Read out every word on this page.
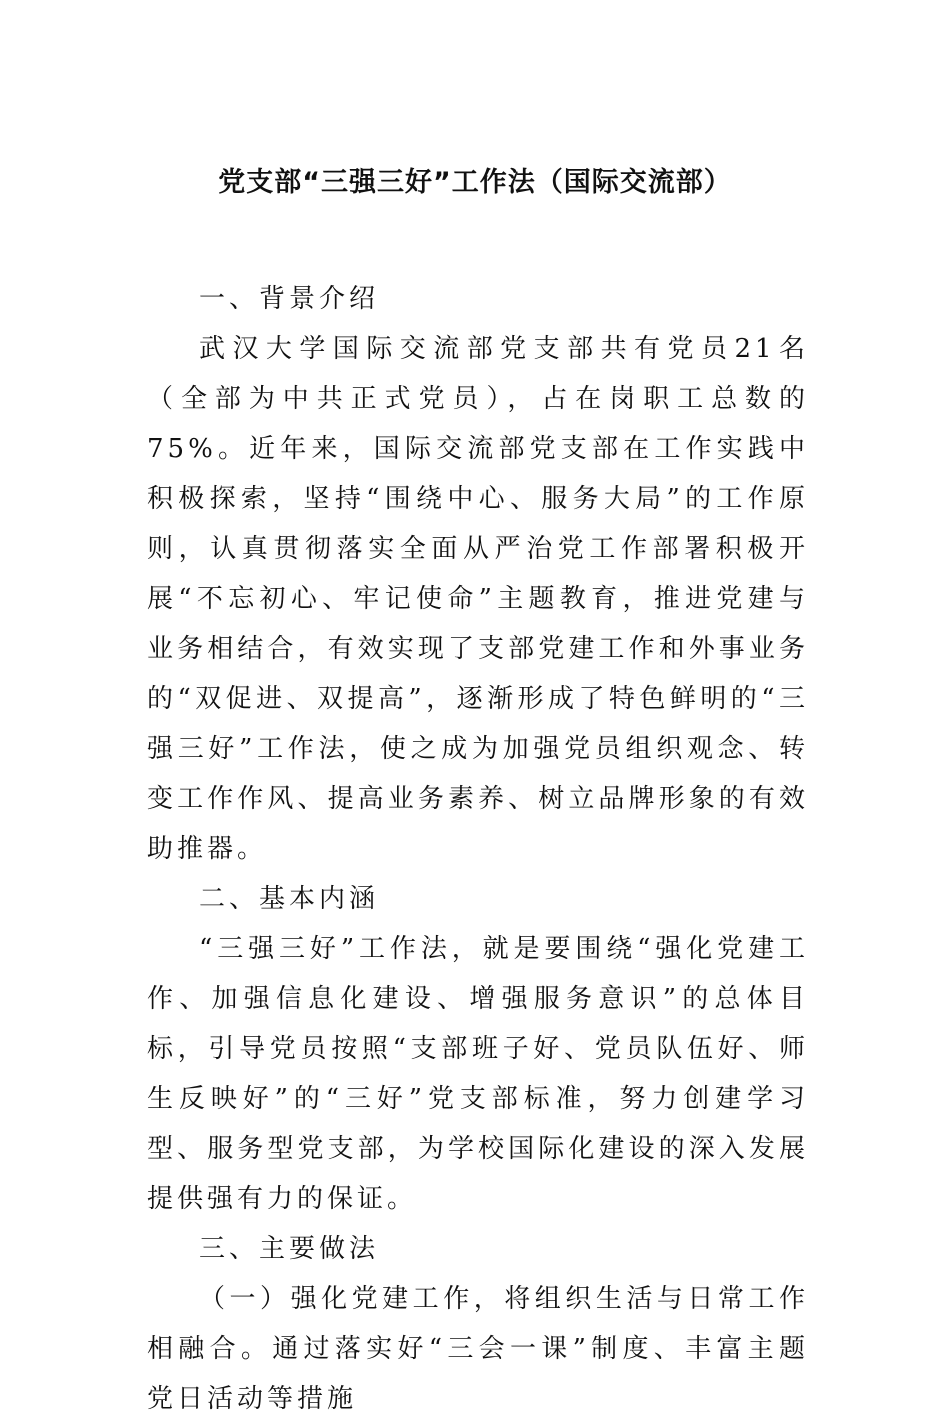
党支部“三强三好”工作法（国际交流部）

一、背景介绍

武汉大学国际交流部党支部共有党员21名（全部为中共正式党员），占在岗职工总数的75%。近年来，国际交流部党支部在工作实践中积极探索，坚持“围绕中心、服务大局”的工作原则，认真贯彻落实全面从严治党工作部署积极开展“不忘初心、牢记使命”主题教育，推进党建与业务相结合，有效实现了支部党建工作和外事业务的“双促进、双提高”，逐渐形成了特色鲜明的“三强三好”工作法，使之成为加强党员组织观念、转变工作作风、提高业务素养、树立品牌形象的有效助推器。

二、基本内涵

“三强三好”工作法，就是要围绕“强化党建工作、加强信息化建设、增强服务意识”的总体目标，引导党员按照“支部班子好、党员队伍好、师生反映好”的“三好”党支部标准，努力创建学习型、服务型党支部，为学校国际化建设的深入发展提供强有力的保证。

三、主要做法

（一）强化党建工作，将组织生活与日常工作相融合。通过落实好“三会一课”制度、丰富主题党日活动等措施
